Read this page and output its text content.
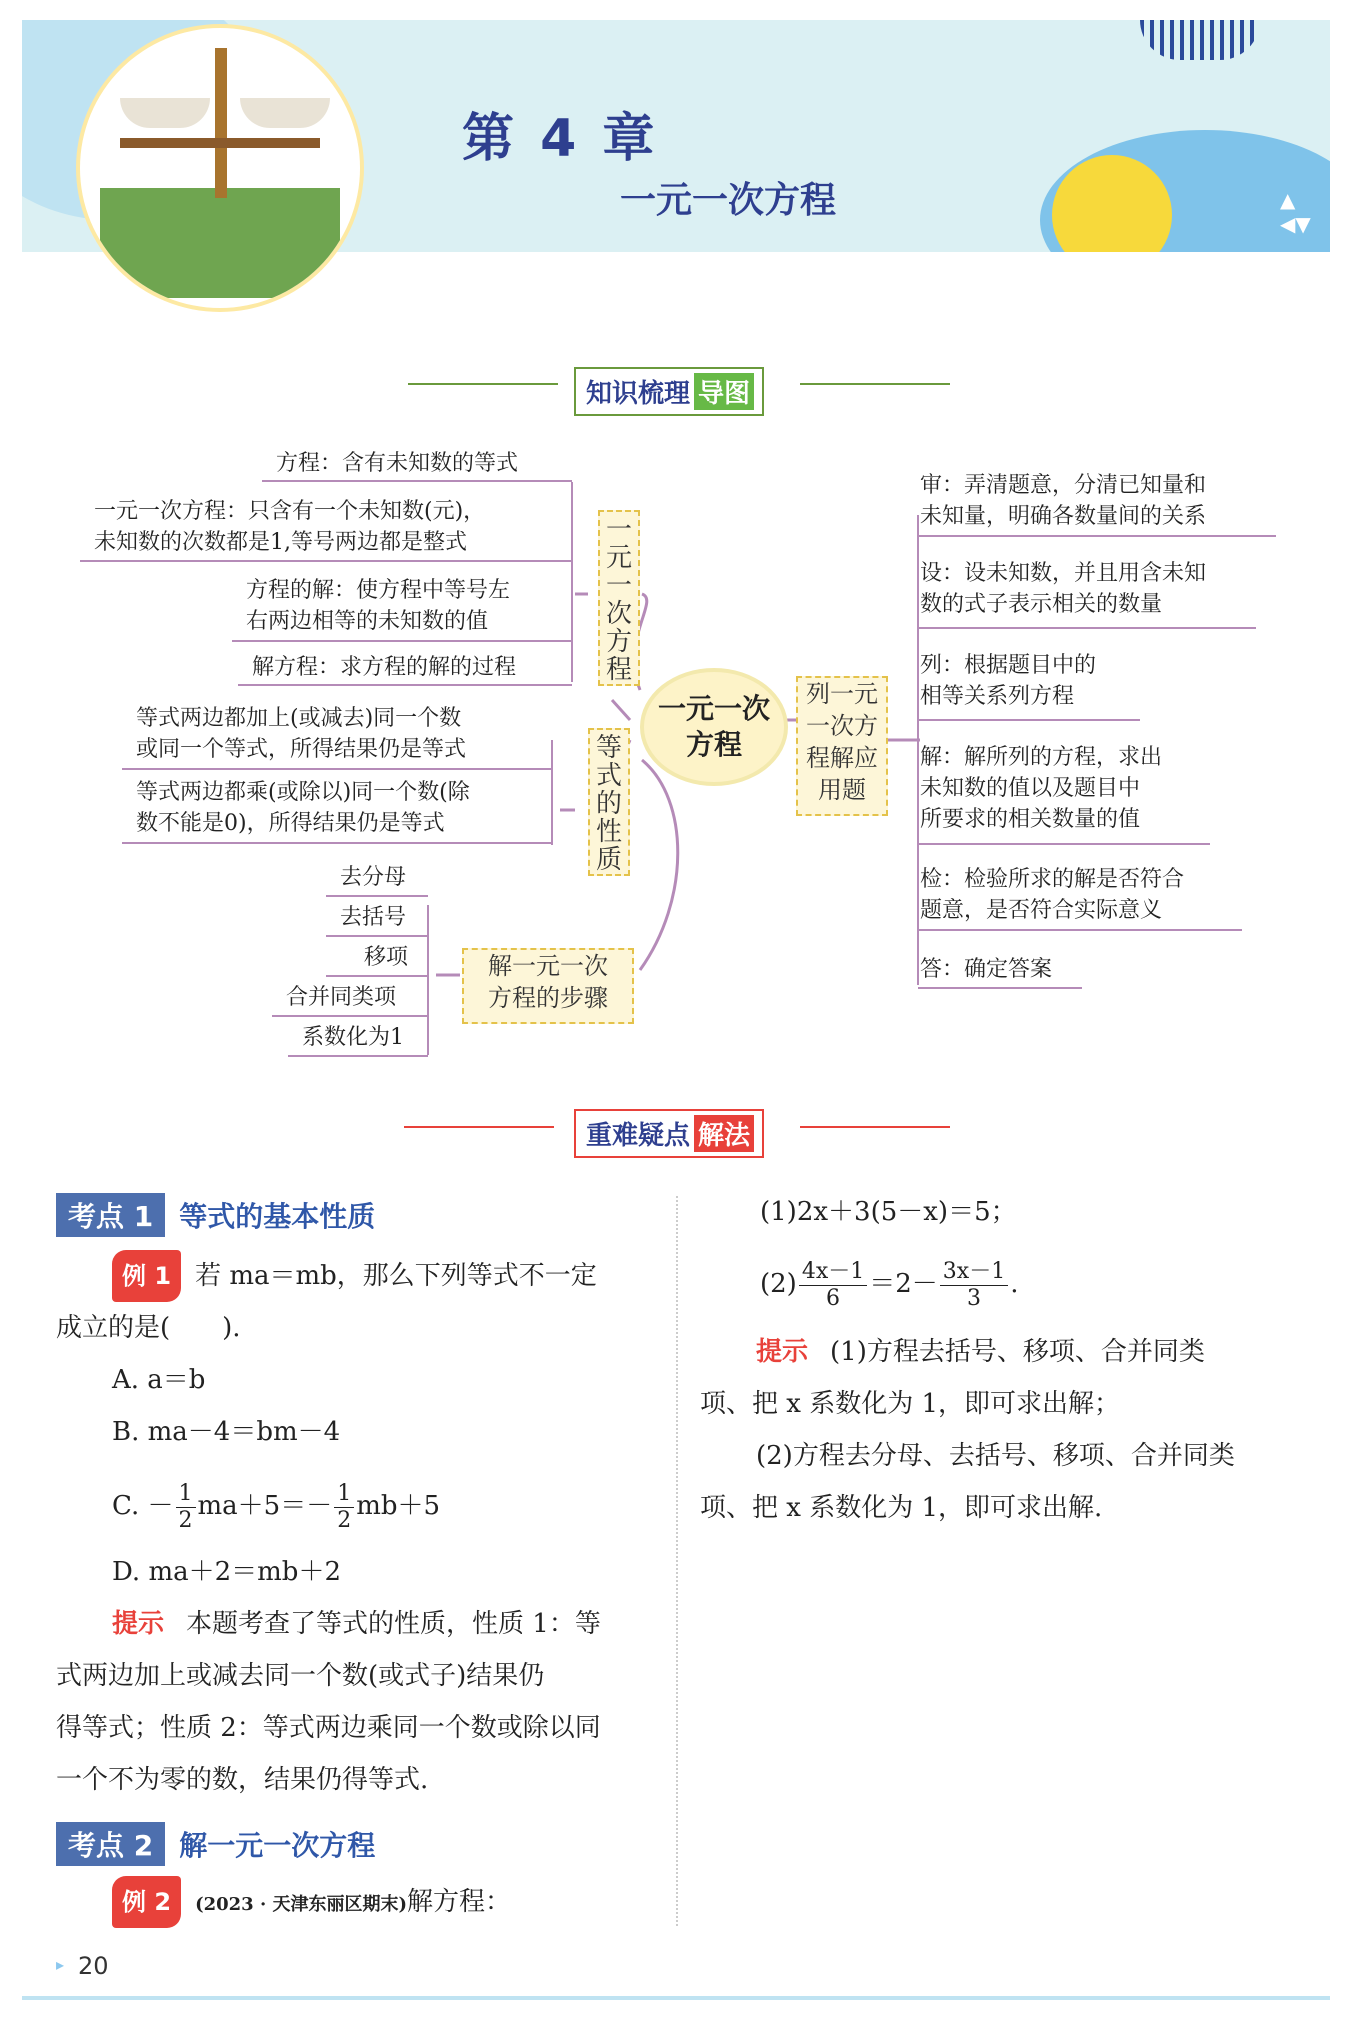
第 4 章
一元一次方程	▲
◀▼
知识梳理 导图
方程：含有未知数的等式
一元一次方程：只含有一个未知数(元)，
未知数的次数都是1,等号两边都是整式
方程的解：使方程中等号左
右两边相等的未知数的值
解方程：求方程的解的过程
一
元
一
次
方
程
等式两边都加上(或减去)同一个数
或同一个等式，所得结果仍是等式
等式两边都乘(或除以)同一个数(除
数不能是0)，所得结果仍是等式
等
式
的
性
质
去分母
去括号
移项
合并同类项
系数化为1
解一元一次
方程的步骤
一元一次
方程
列一元
一次方
程解应
用题
审：弄清题意，分清已知量和
未知量，明确各数量间的关系
设：设未知数，并且用含未知
数的式子表示相关的数量
列：根据题目中的
相等关系列方程
解：解所列的方程，求出
未知数的值以及题目中
所要求的相关数量的值
检：检验所求的解是否符合
题意，是否符合实际意义
答：确定答案
重难疑点 解法
考点 1 等式的基本性质
例 1 若 ma＝mb，那么下列等式不一定
成立的是(　　).
A. a＝b
B. ma－4＝bm－4
C. － $\frac{1}{2} ma+5=- \frac{1}{2} mb+5$
D. ma＋2＝mb＋2
提示 本题考查了等式的性质，性质 1：等
式两边加上或减去同一个数(或式子)结果仍
得等式；性质 2：等式两边乘同一个数或除以同
一个不为零的数，结果仍得等式.
考点 2 解一元一次方程
例 2 (2023 · 天津东丽区期末)解方程：
(1)2x＋3(5－x)＝5；
$(2) \frac{4x-1}{6} =2- \frac{3x-1}{3}$ .
提示 (1)方程去括号、移项、合并同类
项、把 x 系数化为 1，即可求出解；
(2)方程去分母、去括号、移项、合并同类
项、把 x 系数化为 1，即可求出解.
▸ 20
